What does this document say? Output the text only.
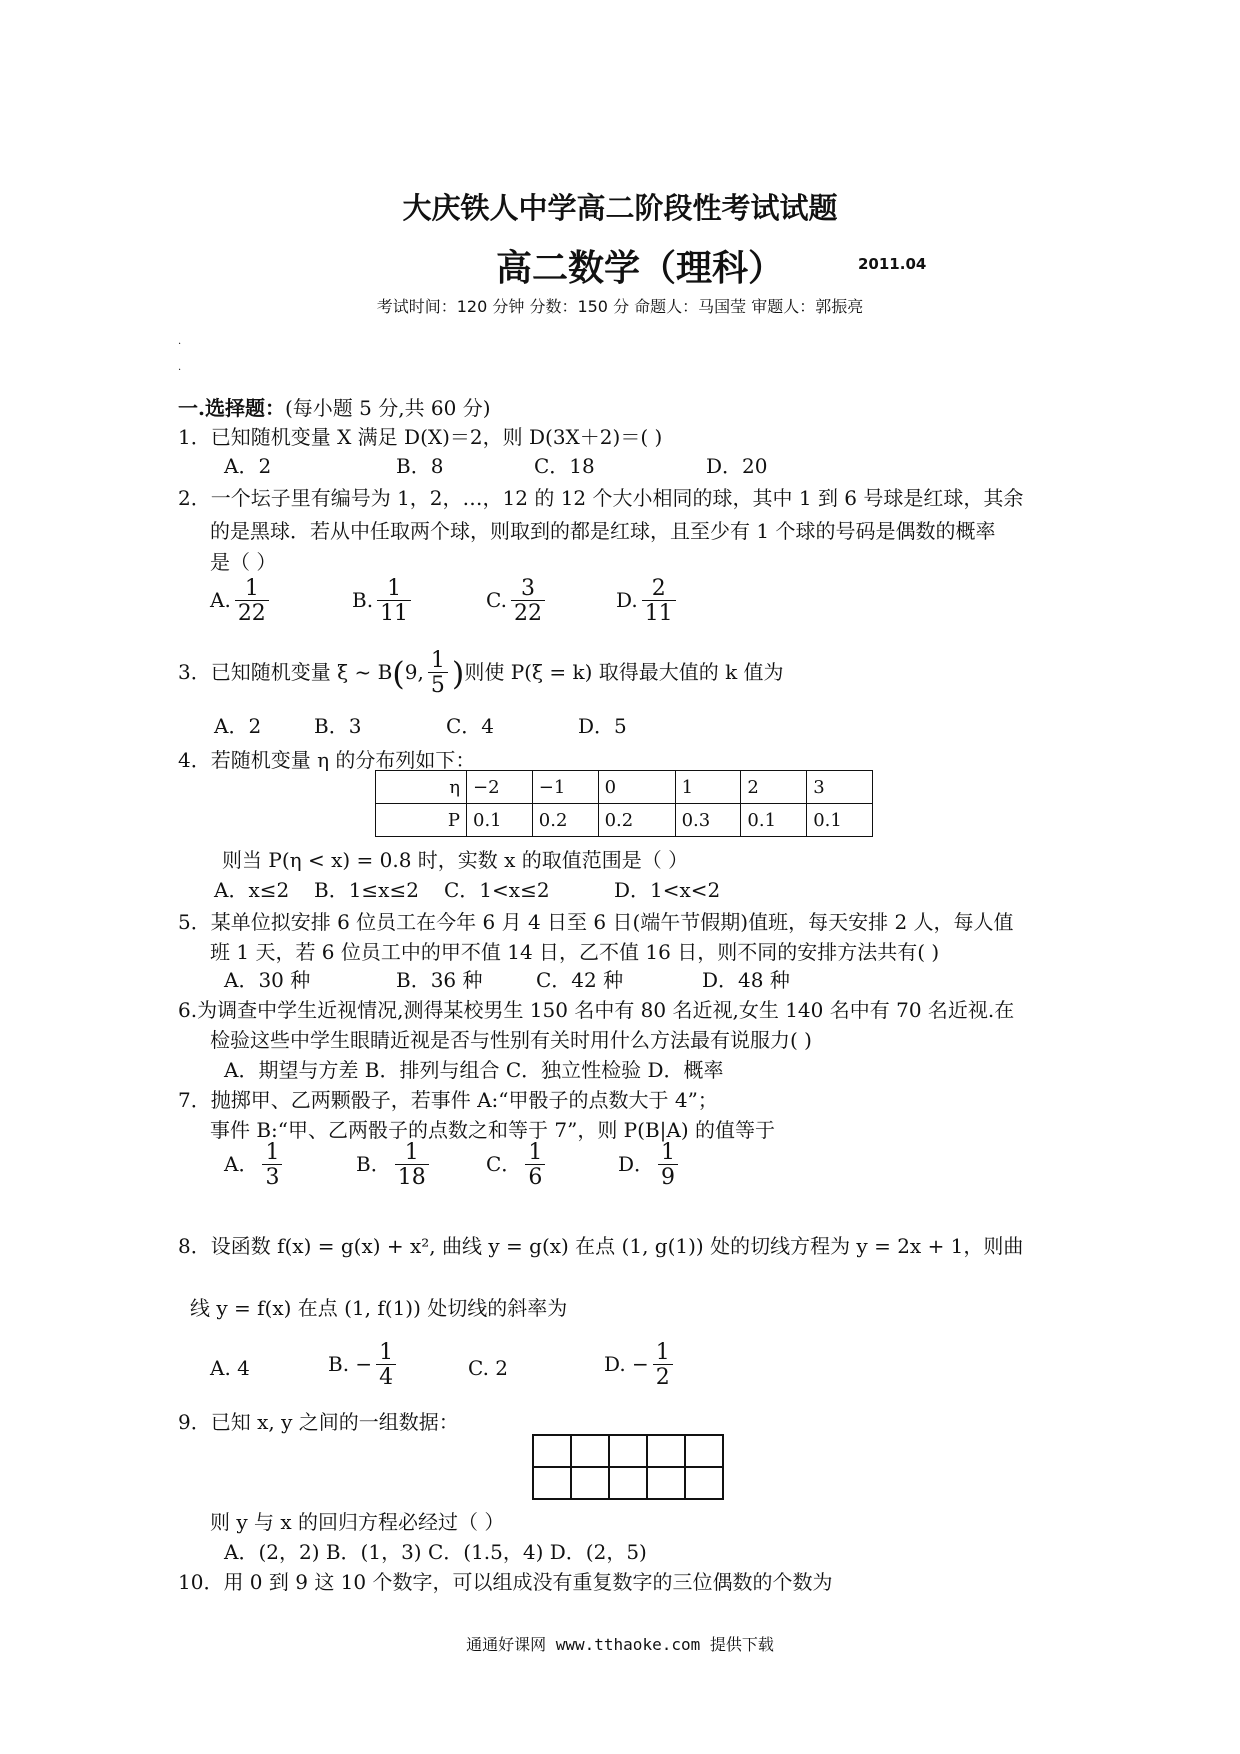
大庆铁人中学高二阶段性考试试题
高二数学（理科）	2011.04
考试时间：120 分钟 分数：150 分 命题人：马国莹 审题人：郭振亮
.
.
一.选择题：(每小题 5 分,共 60 分)
1．已知随机变量 X 满足 D(X)＝2，则 D(3X＋2)＝( )
A．2	B．8	C．18	D．20
2．一个坛子里有编号为 1，2，…，12 的 12 个大小相同的球，其中 1 到 6 号球是红球，其余
的是黑球．若从中任取两个球，则取到的都是红球，且至少有 1 个球的号码是偶数的概率
是（ ）
A. $\frac{1}{22}$	B. $\frac{1}{11}$	C. $\frac{3}{22}$	D. $\frac{2}{11}$
3．已知随机变量 ξ ~ B(9, $\frac{1}{5}$ )则使 P(ξ = k) 取得最大值的 k 值为
A．2	B．3	C．4	D．5
4．若随机变量 η 的分布列如下：
η	−2	−1	0	1	2	3
P	0.1	0.2	0.2	0.3	0.1	0.1
则当 P(η < x) = 0.8 时，实数 x 的取值范围是（ ）
A．x≤2 B．1≤x≤2 C．1<x≤2	D．1<x<2
5．某单位拟安排 6 位员工在今年 6 月 4 日至 6 日(端午节假期)值班，每天安排 2 人，每人值
班 1 天，若 6 位员工中的甲不值 14 日，乙不值 16 日，则不同的安排方法共有( )
A．30 种	B．36 种	C．42 种	D．48 种
6.为调查中学生近视情况,测得某校男生 150 名中有 80 名近视,女生 140 名中有 70 名近视.在
检验这些中学生眼睛近视是否与性别有关时用什么方法最有说服力( )
A．期望与方差 B．排列与组合 C．独立性检验 D．概率
7．抛掷甲、乙两颗骰子，若事件 A:“甲骰子的点数大于 4”；
事件 B:“甲、乙两骰子的点数之和等于 7”，则 P(B|A) 的值等于
A． $\frac{1}{3}$	B． $\frac{1}{18}$	C． $\frac{1}{6}$	D． $\frac{1}{9}$
8．设函数 f(x) = g(x) + x², 曲线 y = g(x) 在点 (1, g(1)) 处的切线方程为 y = 2x + 1，则曲
线 y = f(x) 在点 (1, f(1)) 处切线的斜率为
A. 4	B. − $\frac{1}{4}$	C. 2	D. − $\frac{1}{2}$
9．已知 x, y 之间的一组数据：

则 y 与 x 的回归方程必经过（ ）
A．(2，2) B．(1，3) C．(1.5，4) D．(2，5)
10．用 0 到 9 这 10 个数字，可以组成没有重复数字的三位偶数的个数为
通通好课网 www.tthaoke.com 提供下载
